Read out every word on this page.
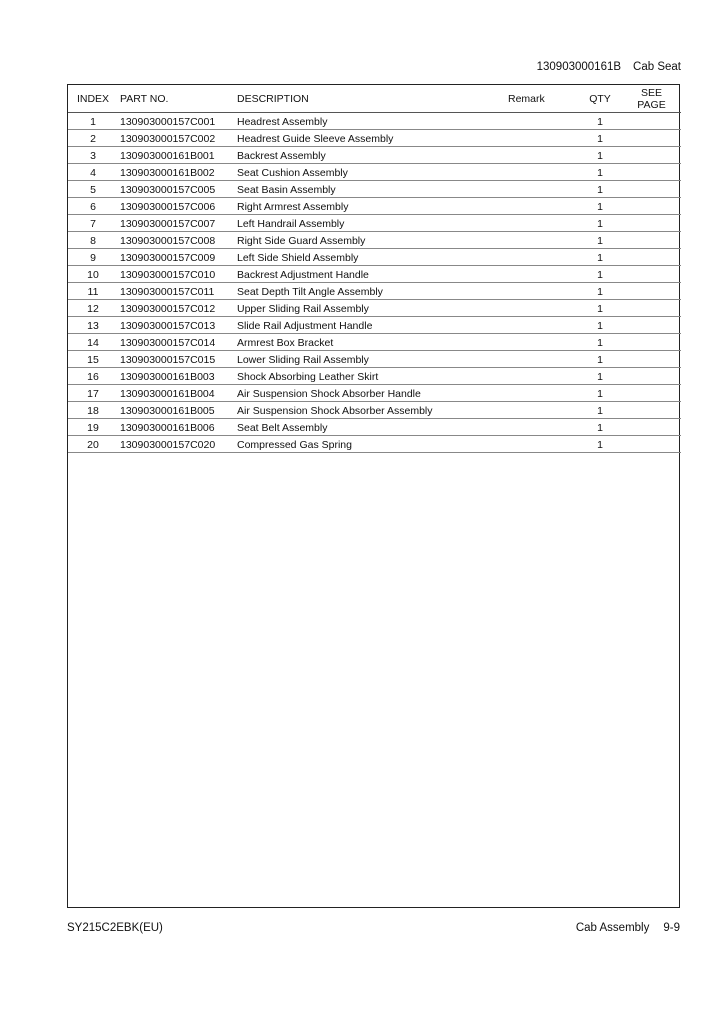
130903000161B Cab Seat
INDEX	PART NO.	DESCRIPTION	Remark	QTY	SEE
PAGE
1	130903000157C001	Headrest Assembly		1	
2	130903000157C002	Headrest Guide Sleeve Assembly		1	
3	130903000161B001	Backrest Assembly		1	
4	130903000161B002	Seat Cushion Assembly		1	
5	130903000157C005	Seat Basin Assembly		1	
6	130903000157C006	Right Armrest Assembly		1	
7	130903000157C007	Left Handrail Assembly		1	
8	130903000157C008	Right Side Guard Assembly		1	
9	130903000157C009	Left Side Shield Assembly		1	
10	130903000157C010	Backrest Adjustment Handle		1	
11	130903000157C011	Seat Depth Tilt Angle Assembly		1	
12	130903000157C012	Upper Sliding Rail Assembly		1	
13	130903000157C013	Slide Rail Adjustment Handle		1	
14	130903000157C014	Armrest Box Bracket		1	
15	130903000157C015	Lower Sliding Rail Assembly		1	
16	130903000161B003	Shock Absorbing Leather Skirt		1	
17	130903000161B004	Air Suspension Shock Absorber Handle		1	
18	130903000161B005	Air Suspension Shock Absorber Assembly		1	
19	130903000161B006	Seat Belt Assembly		1	
20	130903000157C020	Compressed Gas Spring		1	
SY215C2EBK(EU)	Cab Assembly 9-9
